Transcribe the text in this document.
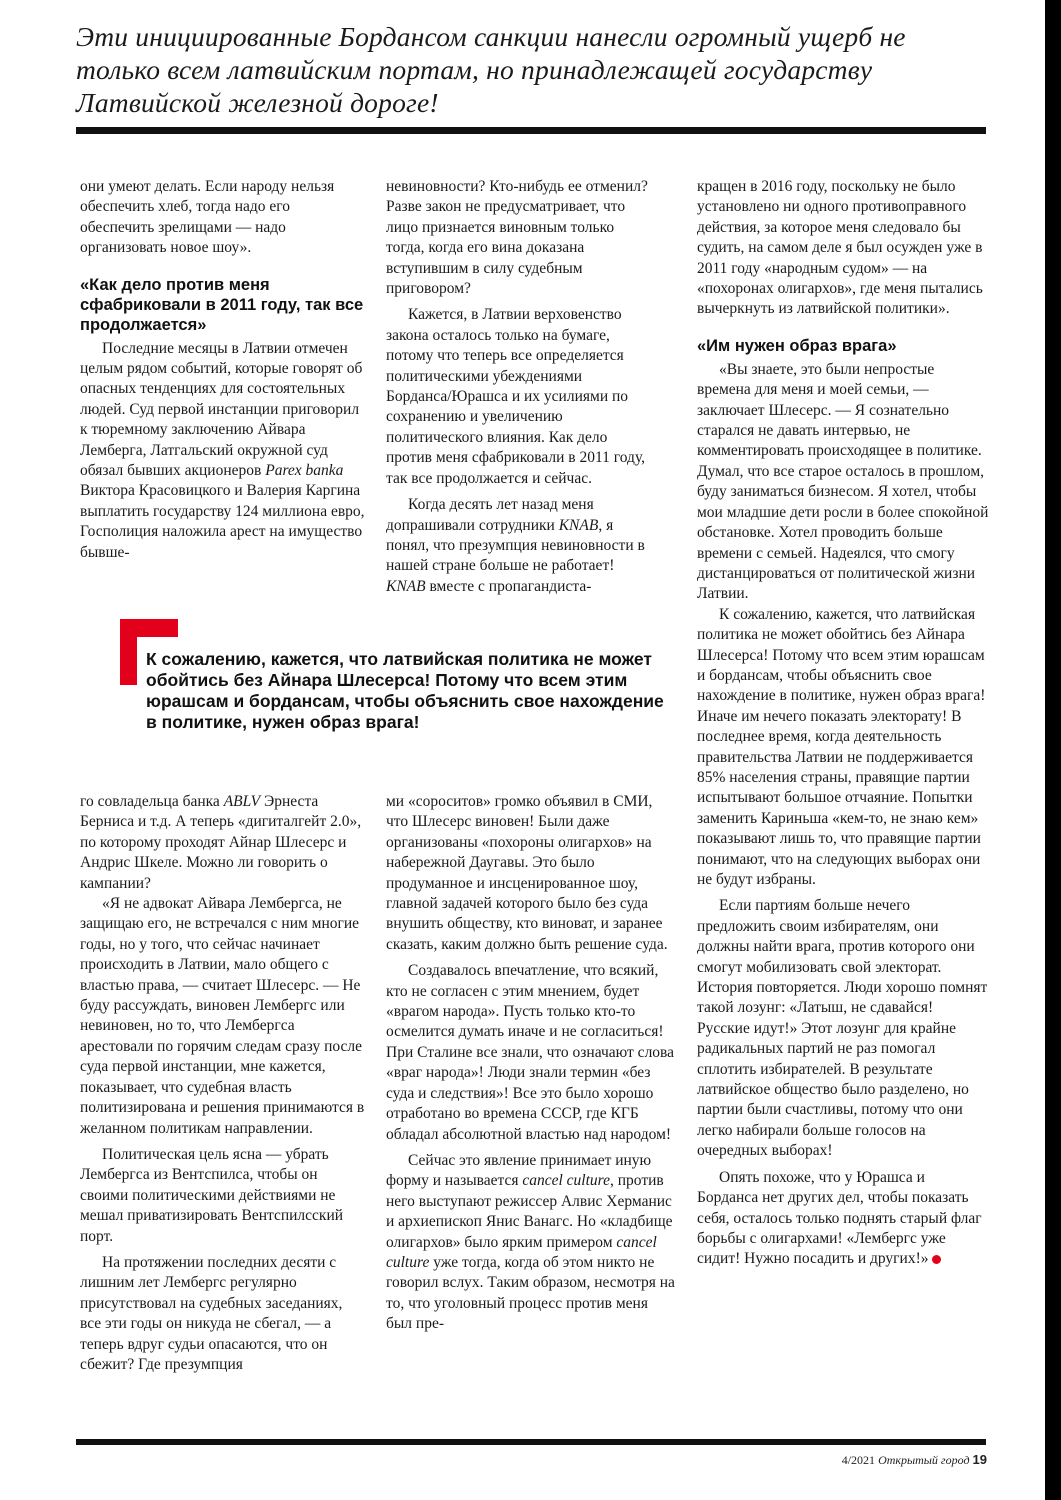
Эти инициированные Бордансом санкции нанесли огромный ущерб не только всем латвийским портам, но принадлежащей государству Латвийской железной дороге!

они умеют делать. Если народу нельзя обеспечить хлеб, тогда надо его обеспечить зрелищами — надо организовать новое шоу».

«Как дело против меня сфабриковали в 2011 году, так все продолжается»

Последние месяцы в Латвии отмечен целым рядом событий, которые говорят об опасных тенденциях для состоятельных людей. Суд первой инстанции приговорил к тюремному заключению Айвара Лемберга, Латгальский окружной суд обязал бывших акционеров Parex banka Виктора Красовицкого и Валерия Каргина выплатить государству 124 миллиона евро, Госполиция наложила арест на имущество бывше-

невиновности? Кто-нибудь ее отменил? Разве закон не предусматривает, что лицо признается виновным только тогда, когда его вина доказана вступившим в силу судебным приговором?

Кажется, в Латвии верховенство закона осталось только на бумаге, потому что теперь все определяется политическими убеждениями Борданса/Юрашса и их усилиями по сохранению и увеличению политического влияния. Как дело против меня сфабриковали в 2011 году, так все продолжается и сейчас.

Когда десять лет назад меня допрашивали сотрудники KNAB, я понял, что презумпция невиновности в нашей стране больше не работает! KNAB вместе с пропагандиста-

кращен в 2016 году, поскольку не было установлено ни одного противоправного действия, за которое меня следовало бы судить, на самом деле я был осужден уже в 2011 году «народным судом» — на «похоронах олигархов», где меня пытались вычеркнуть из латвийской политики».

«Им нужен образ врага»

«Вы знаете, это были непростые времена для меня и моей семьи, — заключает Шлесерс. — Я сознательно старался не давать интервью, не комментировать происходящее в политике. Думал, что все старое осталось в прошлом, буду заниматься бизнесом. Я хотел, чтобы мои младшие дети росли в более спокойной обстановке. Хотел проводить больше времени с семьей. Надеялся, что смогу дистанцироваться от политической жизни Латвии.

К сожалению, кажется, что латвийская политика не может обойтись без Айнара Шлесерса! Потому что всем этим юрашсам и бордансам, чтобы объяснить свое нахождение в политике, нужен образ врага! Иначе им нечего показать электорату! В последнее время, когда деятельность правительства Латвии не поддерживается 85% населения страны, правящие партии испытывают большое отчаяние. Попытки заменить Кариньша «кем-то, не знаю кем» показывают лишь то, что правящие партии понимают, что на следующих выборах они не будут избраны.

Если партиям больше нечего предложить своим избирателям, они должны найти врага, против которого они смогут мобилизовать свой электорат. История повторяется. Люди хорошо помнят такой лозунг: «Латыш, не сдавайся! Русские идут!» Этот лозунг для крайне радикальных партий не раз помогал сплотить избирателей. В результате латвийское общество было разделено, но партии были счастливы, потому что они легко набирали больше голосов на очередных выборах!

Опять похоже, что у Юрашса и Борданса нет других дел, чтобы показать себя, осталось только поднять старый флаг борьбы с олигархами! «Лембергс уже сидит! Нужно посадить и других!»

К сожалению, кажется, что латвийская политика не может обойтись без Айнара Шлесерса! Потому что всем этим юрашсам и бордансам, чтобы объяснить свое нахождение в политике, нужен образ врага!

го совладельца банка ABLV Эрнеста Берниса и т.д. А теперь «дигиталгейт 2.0», по которому проходят Айнар Шлесерс и Андрис Шкеле. Можно ли говорить о кампании?

«Я не адвокат Айвара Лембергса, не защищаю его, не встречался с ним многие годы, но у того, что сейчас начинает происходить в Латвии, мало общего с властью права, — считает Шлесерс. — Не буду рассуждать, виновен Лембергс или невиновен, но то, что Лембергса арестовали по горячим следам сразу после суда первой инстанции, мне кажется, показывает, что судебная власть политизирована и решения принимаются в желанном политикам направлении.

Политическая цель ясна — убрать Лембергса из Вентспилса, чтобы он своими политическими действиями не мешал приватизировать Вентспилсский порт.

На протяжении последних десяти с лишним лет Лембергс регулярно присутствовал на судебных заседаниях, все эти годы он никуда не сбегал, — а теперь вдруг судьи опасаются, что он сбежит? Где презумпция

ми «сороситов» громко объявил в СМИ, что Шлесерс виновен! Были даже организованы «похороны олигархов» на набережной Даугавы. Это было продуманное и инсценированное шоу, главной задачей которого было без суда внушить обществу, кто виноват, и заранее сказать, каким должно быть решение суда.

Создавалось впечатление, что всякий, кто не согласен с этим мнением, будет «врагом народа». Пусть только кто-то осмелится думать иначе и не согласиться! При Сталине все знали, что означают слова «враг народа»! Люди знали термин «без суда и следствия»! Все это было хорошо отработано во времена СССР, где КГБ обладал абсолютной властью над народом!

Сейчас это явление принимает иную форму и называется cancel culture, против него выступают режиссер Алвис Херманис и архиепископ Янис Ванагс. Но «кладбище олигархов» было ярким примером cancel culture уже тогда, когда об этом никто не говорил вслух. Таким образом, несмотря на то, что уголовный процесс против меня был пре-

4/2021 Открытый город 19
